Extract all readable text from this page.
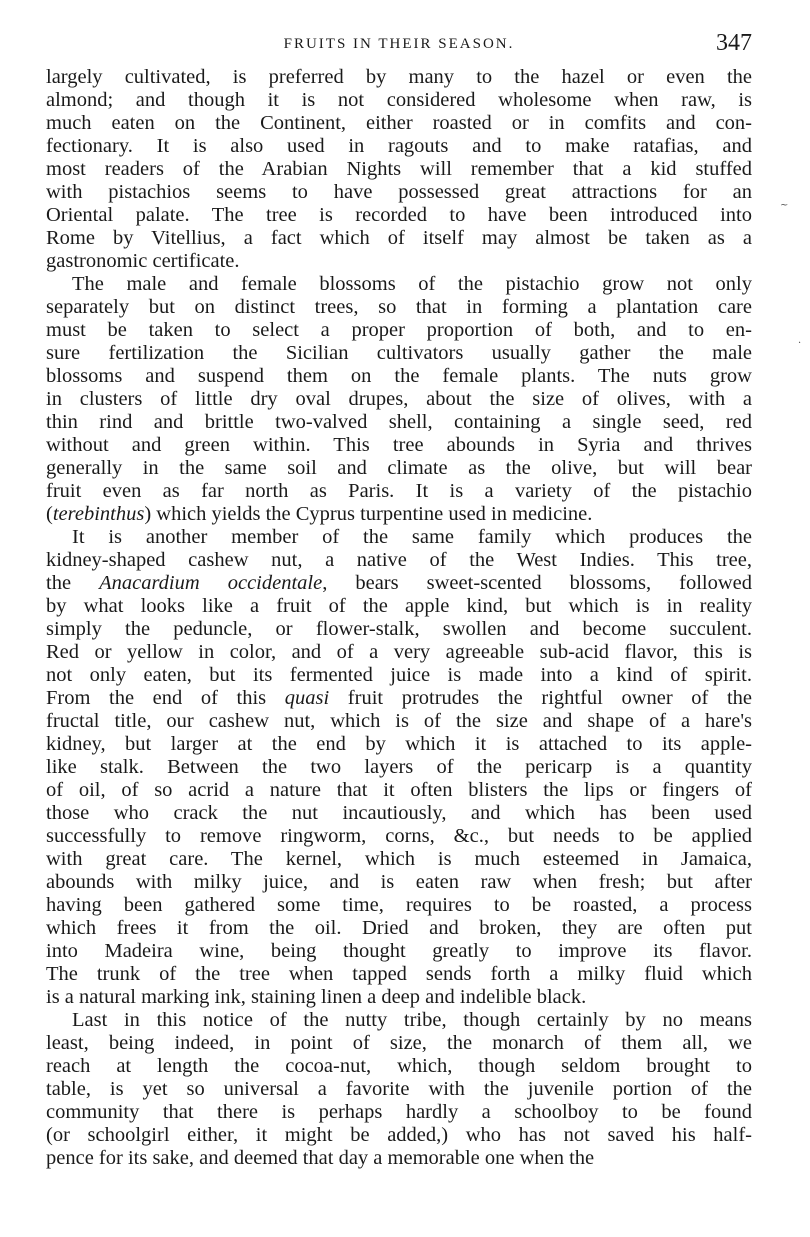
FRUITS IN THEIR SEASON.	347
largely cultivated, is preferred by many to the hazel or even the
almond; and though it is not considered wholesome when raw, is
much eaten on the Continent, either roasted or in comfits and con-
fectionary. It is also used in ragouts and to make ratafias, and
most readers of the Arabian Nights will remember that a kid stuffed
with pistachios seems to have possessed great attractions for an
Oriental palate. The tree is recorded to have been introduced into
Rome by Vitellius, a fact which of itself may almost be taken as a
gastronomic certificate.
The male and female blossoms of the pistachio grow not only
separately but on distinct trees, so that in forming a plantation care
must be taken to select a proper proportion of both, and to en-
sure fertilization the Sicilian cultivators usually gather the male
blossoms and suspend them on the female plants. The nuts grow
in clusters of little dry oval drupes, about the size of olives, with a
thin rind and brittle two-valved shell, containing a single seed, red
without and green within. This tree abounds in Syria and thrives
generally in the same soil and climate as the olive, but will bear
fruit even as far north as Paris. It is a variety of the pistachio
(terebinthus) which yields the Cyprus turpentine used in medicine.
It is another member of the same family which produces the
kidney-shaped cashew nut, a native of the West Indies. This tree,
the Anacardium occidentale, bears sweet-scented blossoms, followed
by what looks like a fruit of the apple kind, but which is in reality
simply the peduncle, or flower-stalk, swollen and become succulent.
Red or yellow in color, and of a very agreeable sub-acid flavor, this is
not only eaten, but its fermented juice is made into a kind of spirit.
From the end of this quasi fruit protrudes the rightful owner of the
fructal title, our cashew nut, which is of the size and shape of a hare's
kidney, but larger at the end by which it is attached to its apple-
like stalk. Between the two layers of the pericarp is a quantity
of oil, of so acrid a nature that it often blisters the lips or fingers of
those who crack the nut incautiously, and which has been used
successfully to remove ringworm, corns, &c., but needs to be applied
with great care. The kernel, which is much esteemed in Jamaica,
abounds with milky juice, and is eaten raw when fresh; but after
having been gathered some time, requires to be roasted, a process
which frees it from the oil. Dried and broken, they are often put
into Madeira wine, being thought greatly to improve its flavor.
The trunk of the tree when tapped sends forth a milky fluid which
is a natural marking ink, staining linen a deep and indelible black.
Last in this notice of the nutty tribe, though certainly by no means
least, being indeed, in point of size, the monarch of them all, we
reach at length the cocoa-nut, which, though seldom brought to
table, is yet so universal a favorite with the juvenile portion of the
community that there is perhaps hardly a schoolboy to be found
(or schoolgirl either, it might be added,) who has not saved his half-
pence for its sake, and deemed that day a memorable one when the
~
·
